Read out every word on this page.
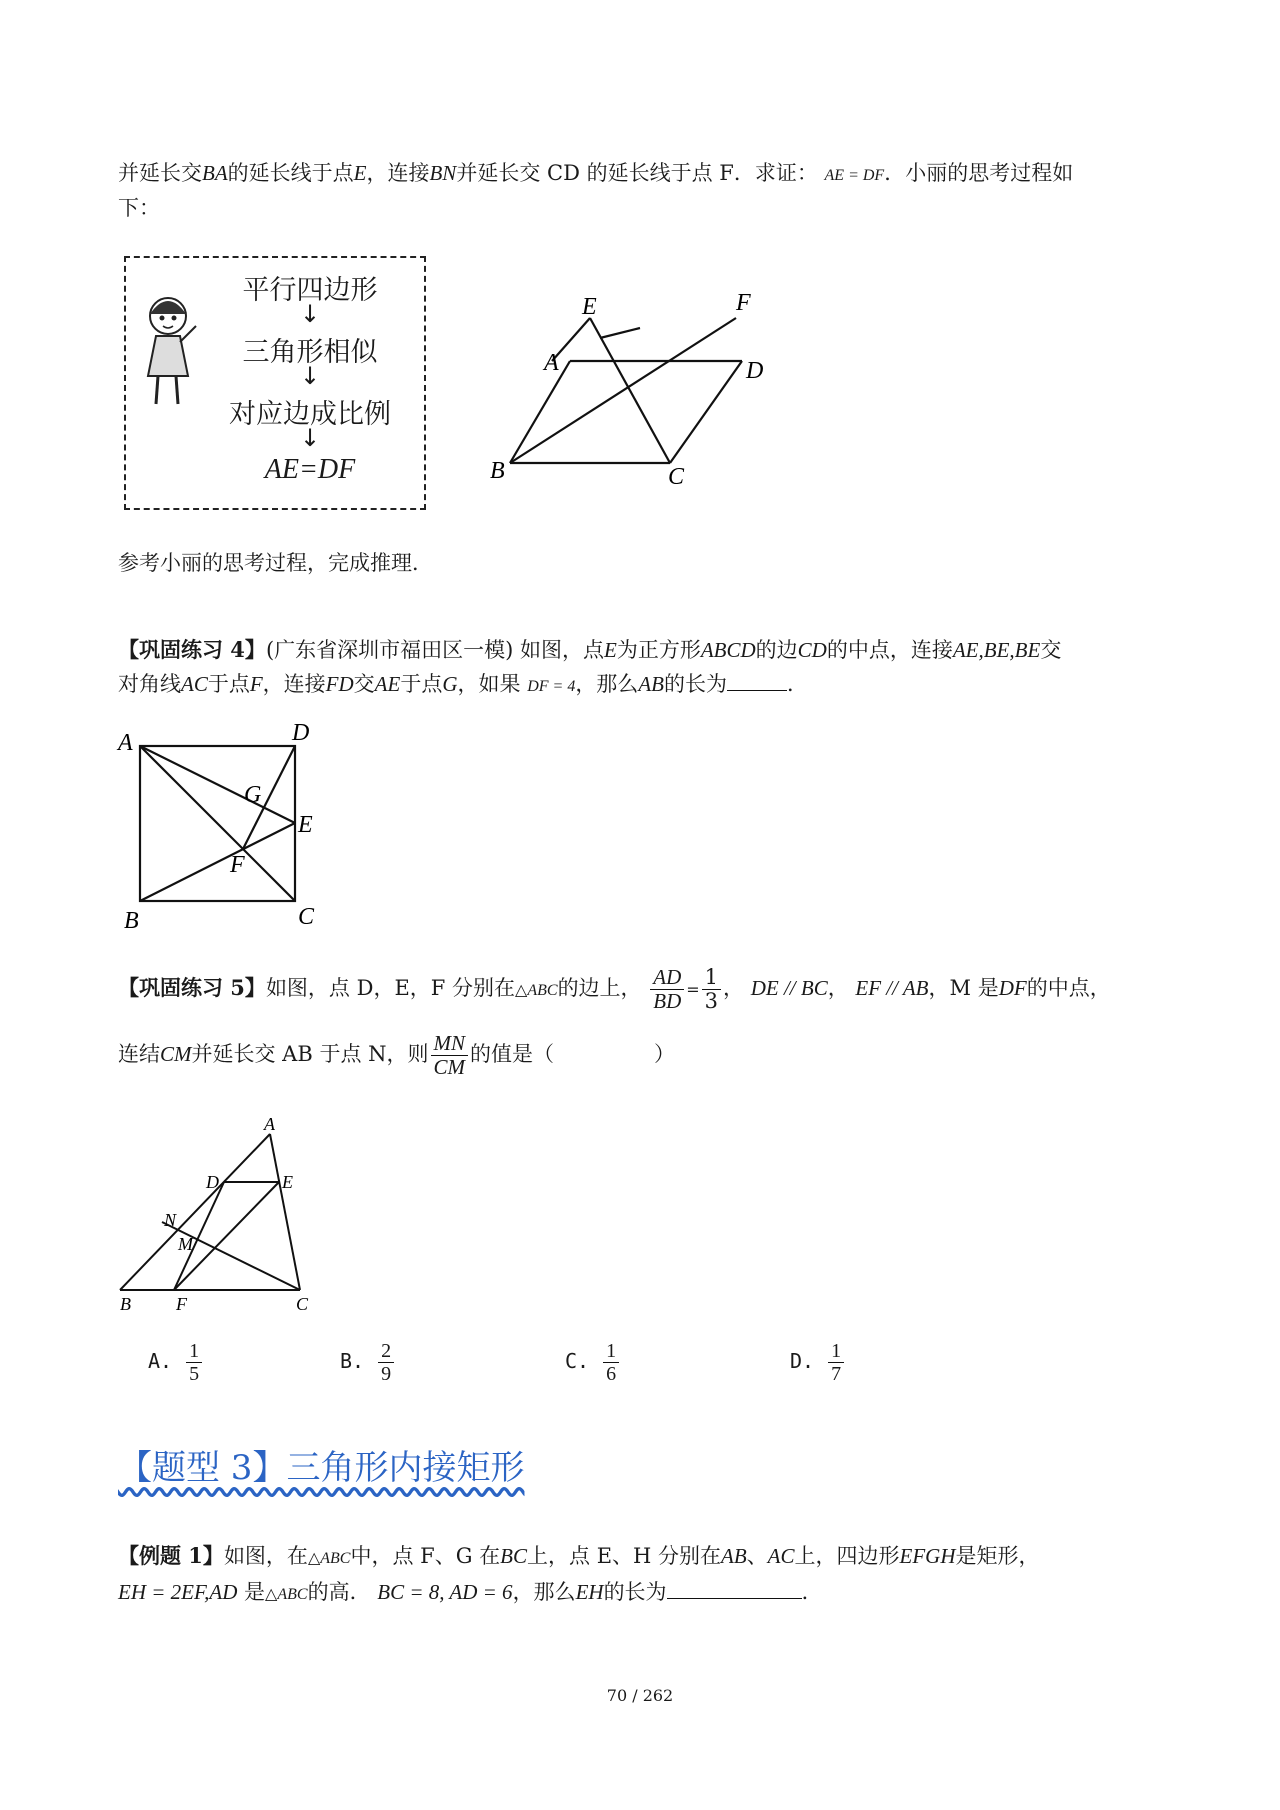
并延长交BA的延长线于点E，连接BN并延长交 CD 的延长线于点 F．求证： AE = DF．小丽的思考过程如
下：
平行四边形
↓
三角形相似
↓
对应边成比例
↓
AE=DF
E	F
A	D
B	C
参考小丽的思考过程，完成推理．
【巩固练习 4】(广东省深圳市福田区一模) 如图，点E为正方形ABCD的边CD的中点，连接AE,BE,BE交
对角线AC于点F，连接FD交AE于点G，如果 DF = 4，那么AB的长为	．
A	D
G
E
F
B	C
【巩固练习 5】如图，点 D，E，F 分别在△ABC的边上， $\frac{AD}{BD} = \frac{1}{3}$ ， DE // BC， EF // AB，M 是DF的中点，
连结CM并延长交 AB 于点 N，则 $\frac{MN}{CM}$ 的值是（	）
A
D	E
N
M
B	F	C
A. $\frac{1}{5}$	B. $\frac{2}{9}$	C. $\frac{1}{6}$	D. $\frac{1}{7}$
【题型 3】三角形内接矩形
【例题 1】如图，在△ABC中，点 F、G 在BC上，点 E、H 分别在AB、AC上，四边形EFGH是矩形，
EH = 2EF,AD 是△ABC的高． BC = 8, AD = 6，那么EH的长为	．
70 / 262
